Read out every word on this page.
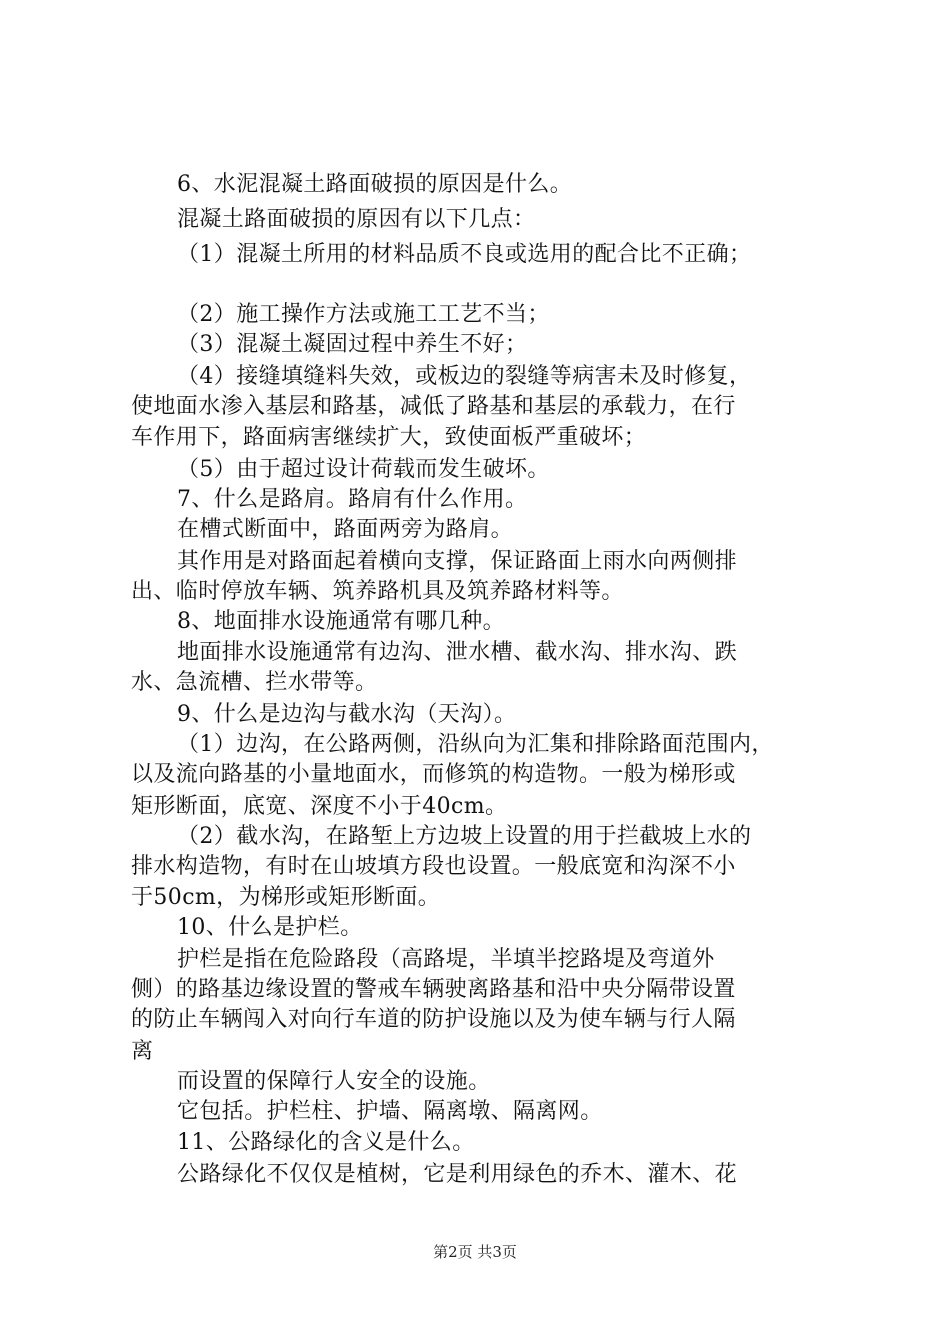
6、水泥混凝土路面破损的原因是什么。
混凝土路面破损的原因有以下几点：
（1）混凝土所用的材料品质不良或选用的配合比不正确；
（2）施工操作方法或施工工艺不当；
（3）混凝土凝固过程中养生不好；
（4）接缝填缝料失效，或板边的裂缝等病害未及时修复，
使地面水渗入基层和路基，减低了路基和基层的承载力，在行
车作用下，路面病害继续扩大，致使面板严重破坏；
（5）由于超过设计荷载而发生破坏。
7、什么是路肩。路肩有什么作用。
在槽式断面中，路面两旁为路肩。
其作用是对路面起着横向支撑，保证路面上雨水向两侧排
出、临时停放车辆、筑养路机具及筑养路材料等。
8、地面排水设施通常有哪几种。
地面排水设施通常有边沟、泄水槽、截水沟、排水沟、跌
水、急流槽、拦水带等。
9、什么是边沟与截水沟（天沟）。
（1）边沟，在公路两侧，沿纵向为汇集和排除路面范围内，
以及流向路基的小量地面水，而修筑的构造物。一般为梯形或
矩形断面，底宽、深度不小于40cm。
（2）截水沟，在路堑上方边坡上设置的用于拦截坡上水的
排水构造物，有时在山坡填方段也设置。一般底宽和沟深不小
于50cm，为梯形或矩形断面。
10、什么是护栏。
护栏是指在危险路段（高路堤，半填半挖路堤及弯道外
侧）的路基边缘设置的警戒车辆驶离路基和沿中央分隔带设置
的防止车辆闯入对向行车道的防护设施以及为使车辆与行人隔
离
而设置的保障行人安全的设施。
它包括。护栏柱、护墙、隔离墩、隔离网。
11、公路绿化的含义是什么。
公路绿化不仅仅是植树，它是利用绿色的乔木、灌木、花
第2页 共3页
